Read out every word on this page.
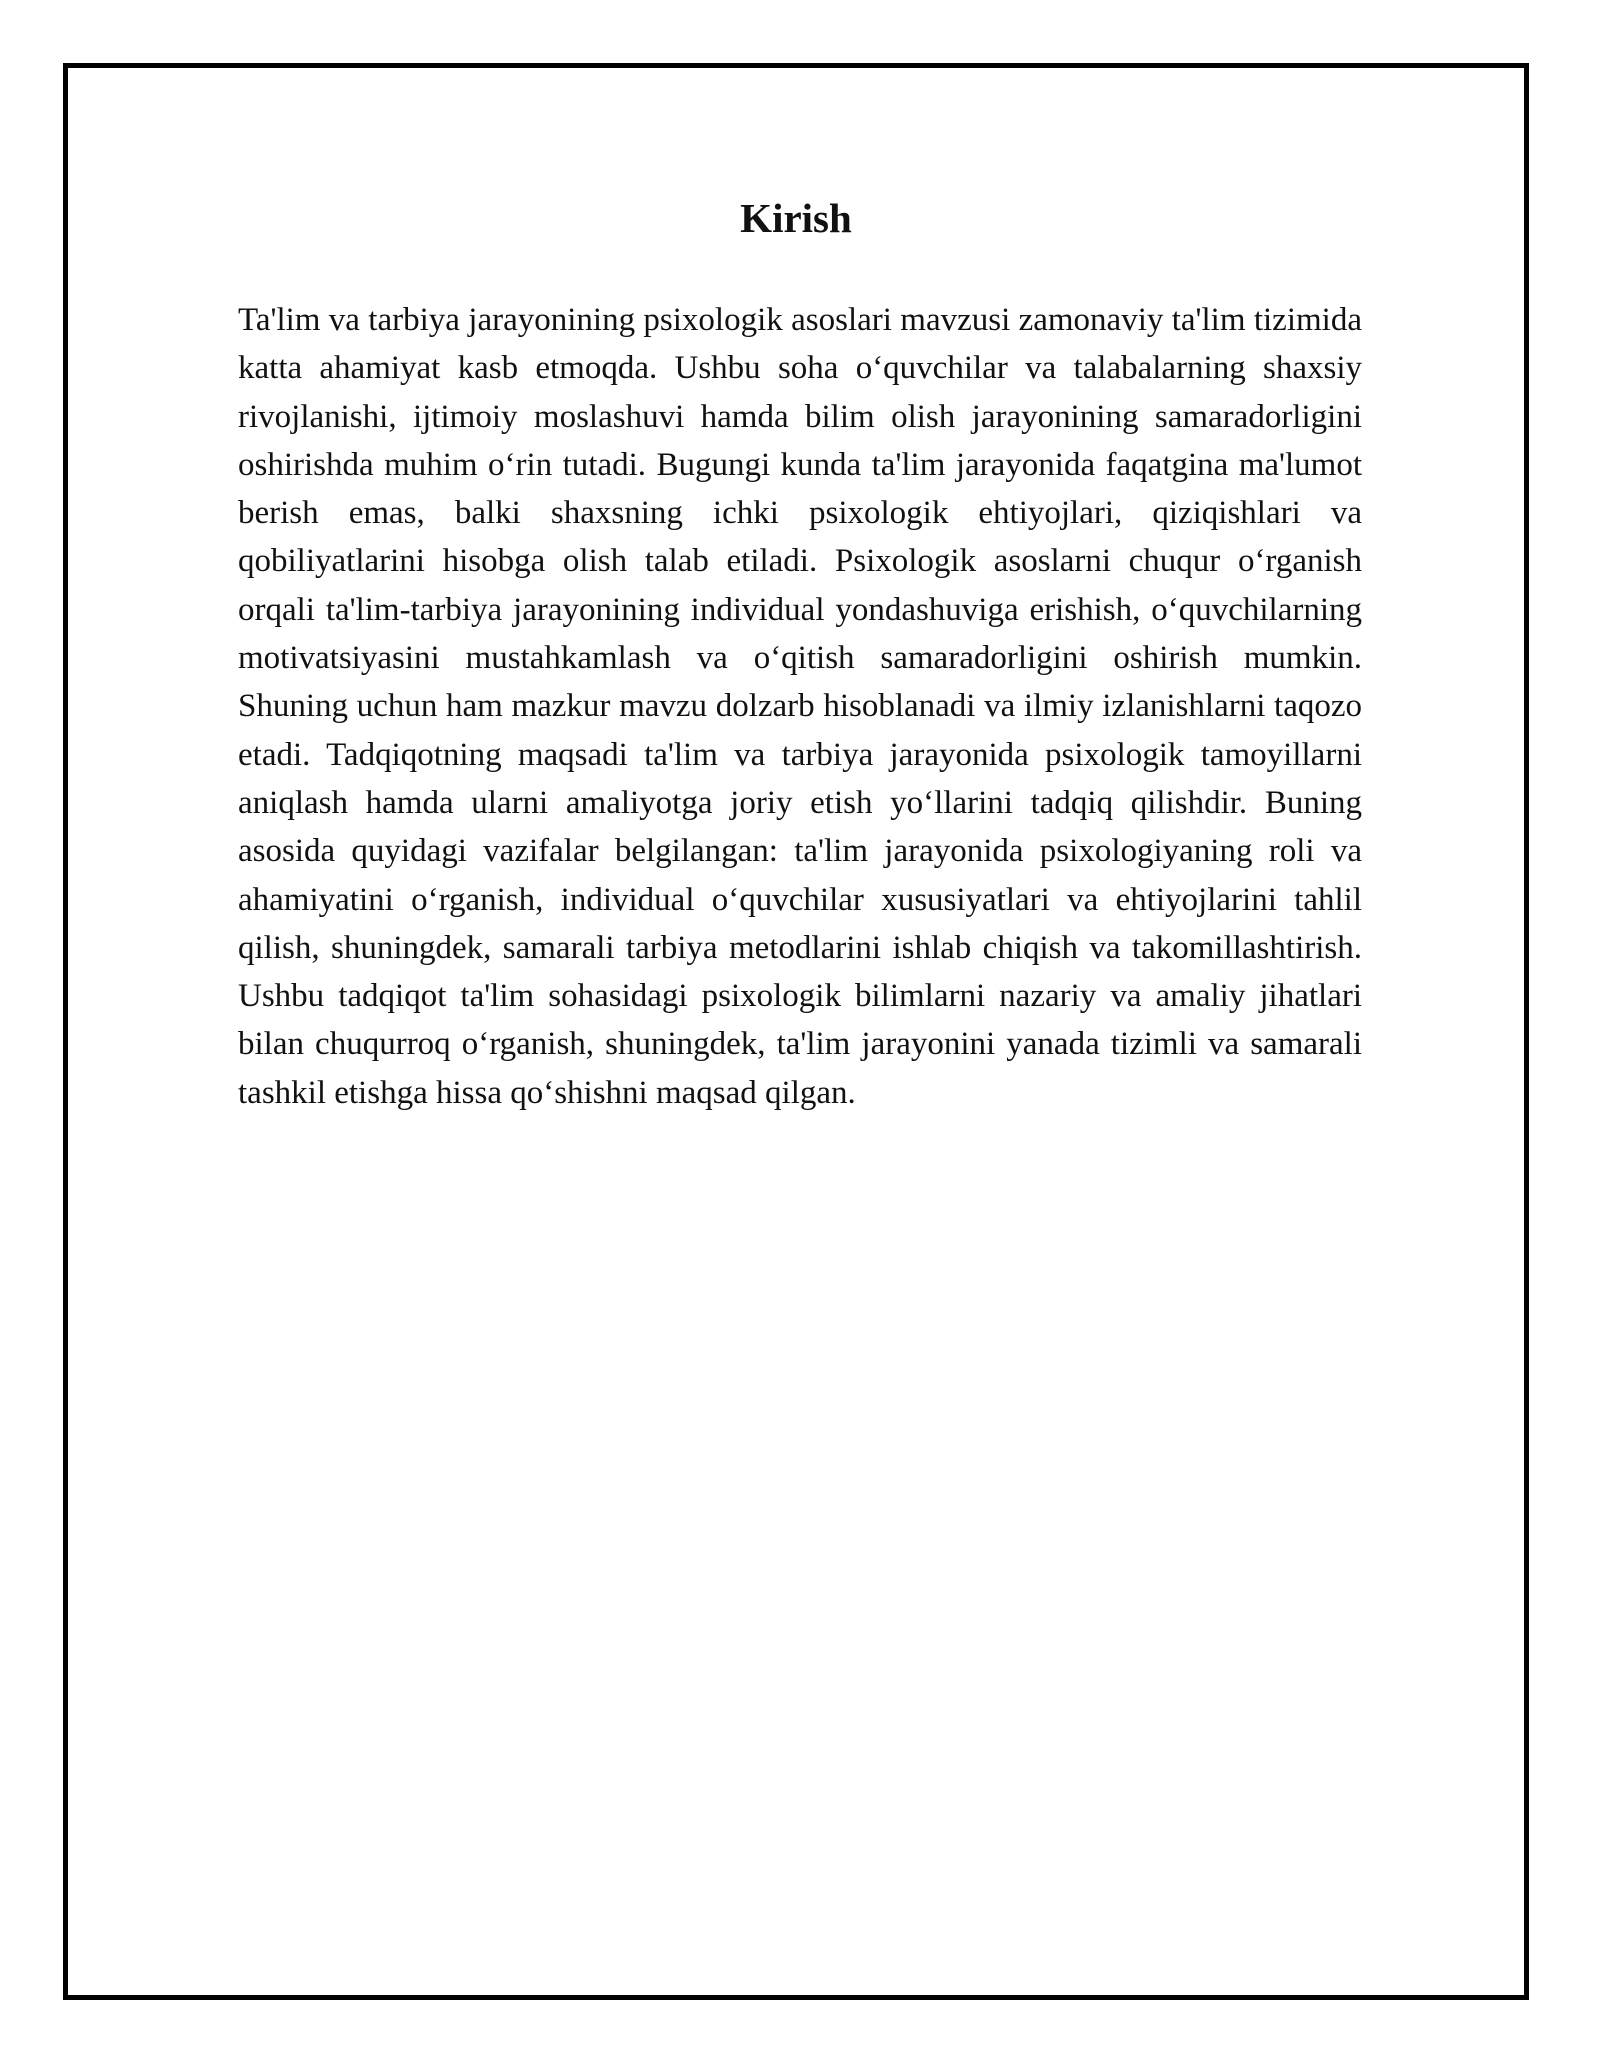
Kirish

Ta'lim va tarbiya jarayonining psixologik asoslari mavzusi zamonaviy ta'lim tizimida katta ahamiyat kasb etmoqda. Ushbu soha o‘quvchilar va talabalarning shaxsiy rivojlanishi, ijtimoiy moslashuvi hamda bilim olish jarayonining samaradorligini oshirishda muhim o‘rin tutadi. Bugungi kunda ta'lim jarayonida faqatgina ma'lumot berish emas, balki shaxsning ichki psixologik ehtiyojlari, qiziqishlari va qobiliyatlarini hisobga olish talab etiladi. Psixologik asoslarni chuqur o‘rganish orqali ta'lim-tarbiya jarayonining individual yondashuviga erishish, o‘quvchilarning motivatsiyasini mustahkamlash va o‘qitish samaradorligini oshirish mumkin. Shuning uchun ham mazkur mavzu dolzarb hisoblanadi va ilmiy izlanishlarni taqozo etadi. Tadqiqotning maqsadi ta'lim va tarbiya jarayonida psixologik tamoyillarni aniqlash hamda ularni amaliyotga joriy etish yo‘llarini tadqiq qilishdir. Buning asosida quyidagi vazifalar belgilangan: ta'lim jarayonida psixologiyaning roli va ahamiyatini o‘rganish, individual o‘quvchilar xususiyatlari va ehtiyojlarini tahlil qilish, shuningdek, samarali tarbiya metodlarini ishlab chiqish va takomillashtirish. Ushbu tadqiqot ta'lim sohasidagi psixologik bilimlarni nazariy va amaliy jihatlari bilan chuqurroq o‘rganish, shuningdek, ta'lim jarayonini yanada tizimli va samarali tashkil etishga hissa qo‘shishni maqsad qilgan.
